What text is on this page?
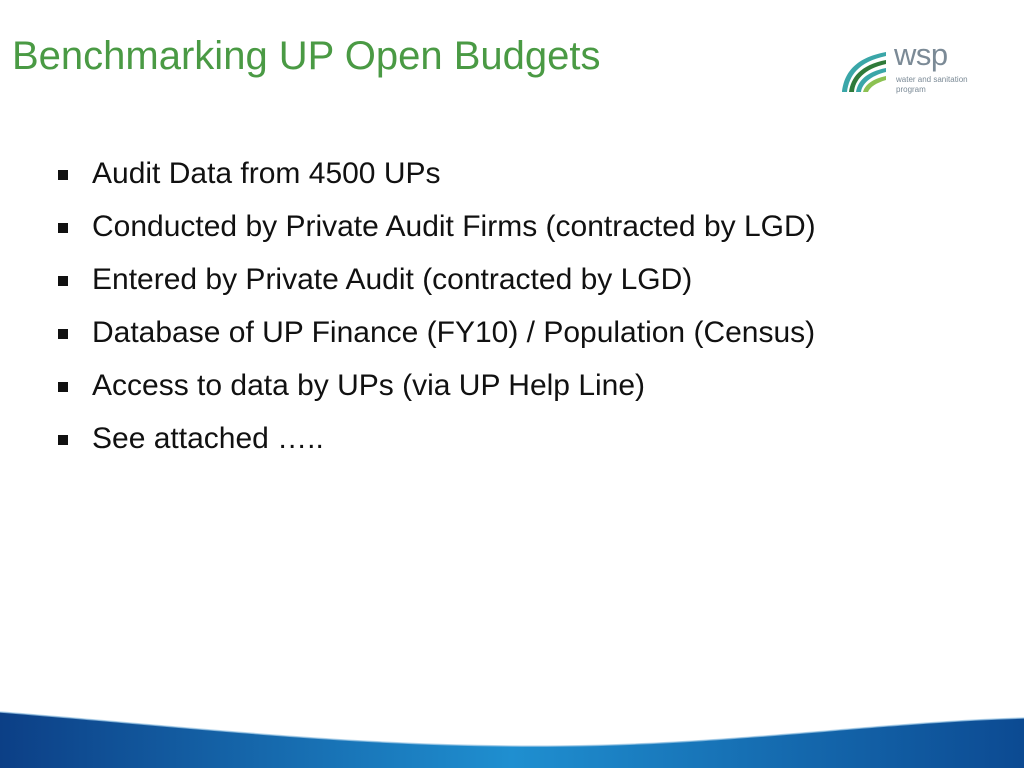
Benchmarking UP Open Budgets	wsp
water and sanitation program
Audit Data from 4500 UPs
Conducted by Private Audit Firms (contracted by LGD)
Entered by Private Audit (contracted by LGD)
Database of UP Finance (FY10) / Population (Census)
Access to data by UPs (via UP Help Line)
See attached …..
